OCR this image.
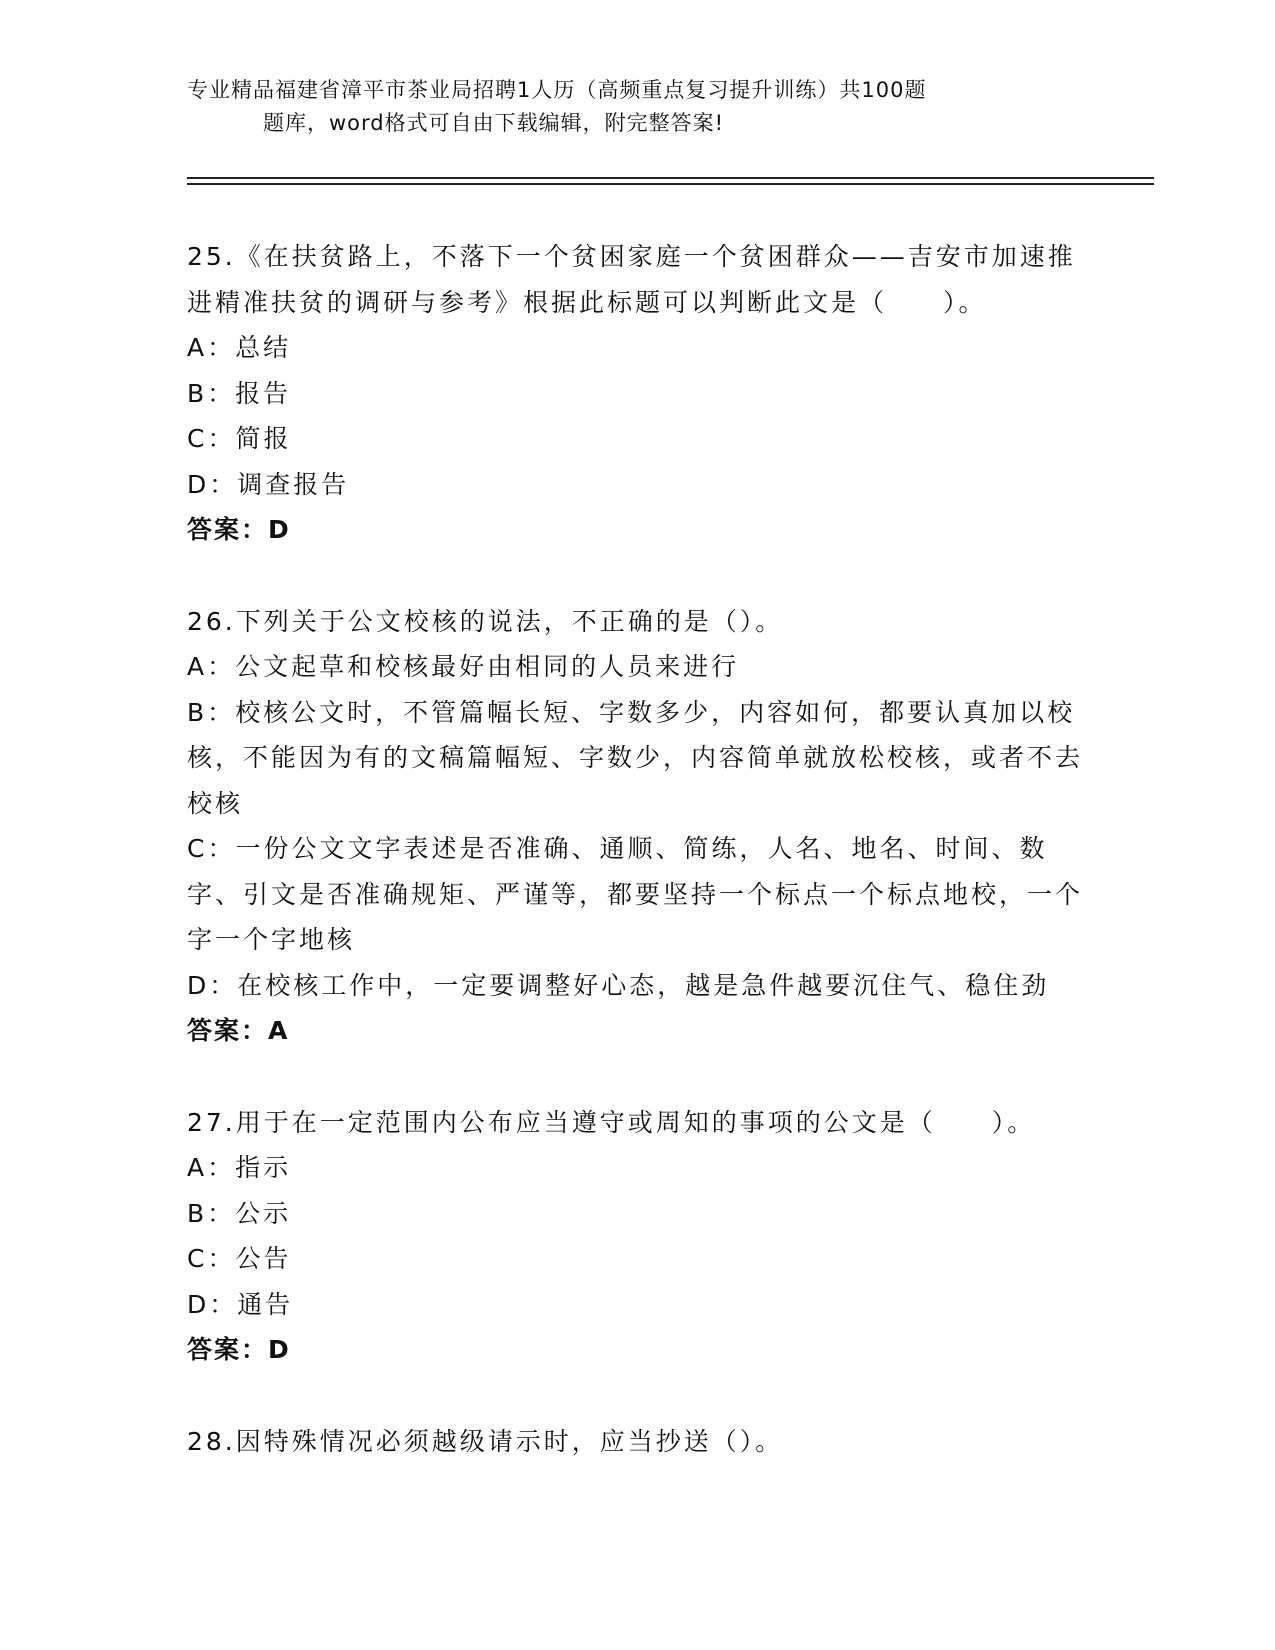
专业精品福建省漳平市茶业局招聘1人历（高频重点复习提升训练）共100题
题库，word格式可自由下载编辑，附完整答案!
25.《在扶贫路上，不落下一个贫困家庭一个贫困群众——吉安市加速推进精准扶贫的调研与参考》根据此标题可以判断此文是（　　）。
A：总结
B：报告
C：简报
D：调查报告
答案：D
26.下列关于公文校核的说法，不正确的是（）。
A：公文起草和校核最好由相同的人员来进行
B：校核公文时，不管篇幅长短、字数多少，内容如何，都要认真加以校核，不能因为有的文稿篇幅短、字数少，内容简单就放松校核，或者不去校核
C：一份公文文字表述是否准确、通顺、简练，人名、地名、时间、数字、引文是否准确规矩、严谨等，都要坚持一个标点一个标点地校，一个字一个字地核
D：在校核工作中，一定要调整好心态，越是急件越要沉住气、稳住劲
答案：A
27.用于在一定范围内公布应当遵守或周知的事项的公文是（　　）。
A：指示
B：公示
C：公告
D：通告
答案：D
28.因特殊情况必须越级请示时，应当抄送（）。
